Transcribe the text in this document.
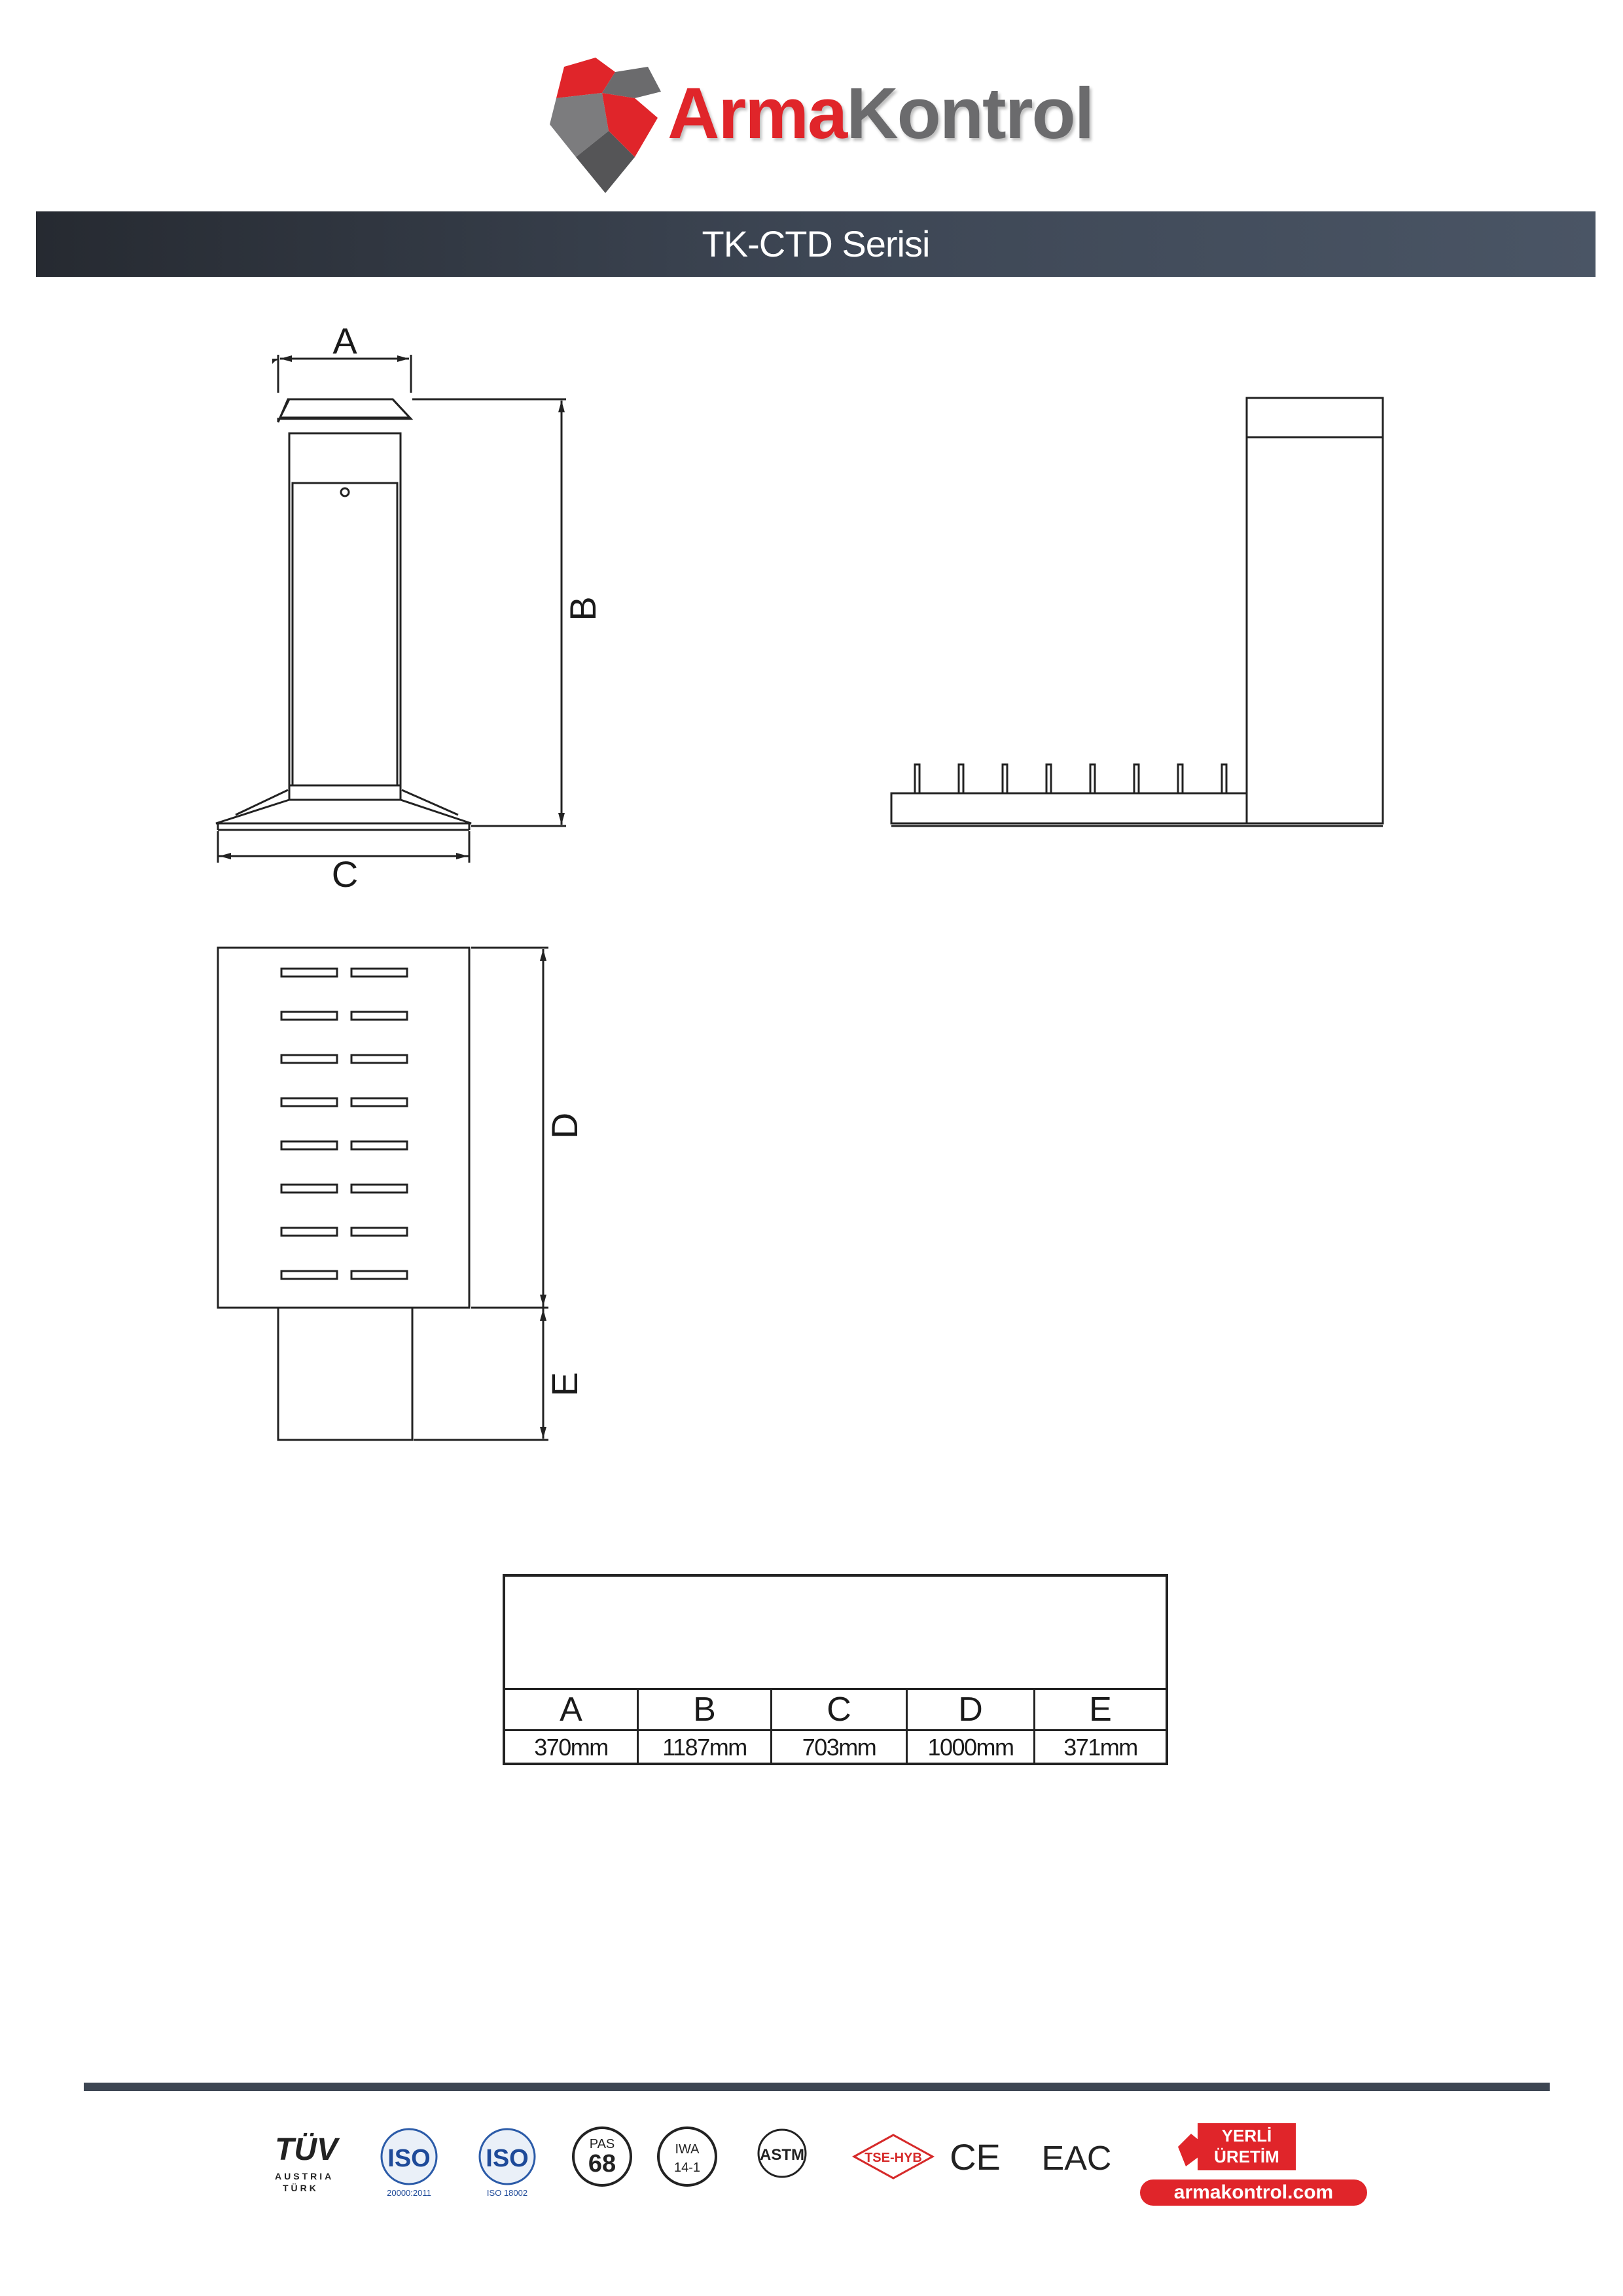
ArmaKontrol
TK-CTD Serisi
A
C
B
D
E
A	B	C	D	E
370mm	1187mm	703mm	1000mm	371mm
TÜV
AUSTRIA
TÜRK
ISO
20000:2011
ISO
ISO 18002
PAS
68
IWA
14-1
ASTM	TSE-HYB CE EAC
YERLİ
ÜRETİM
armakontrol.com
